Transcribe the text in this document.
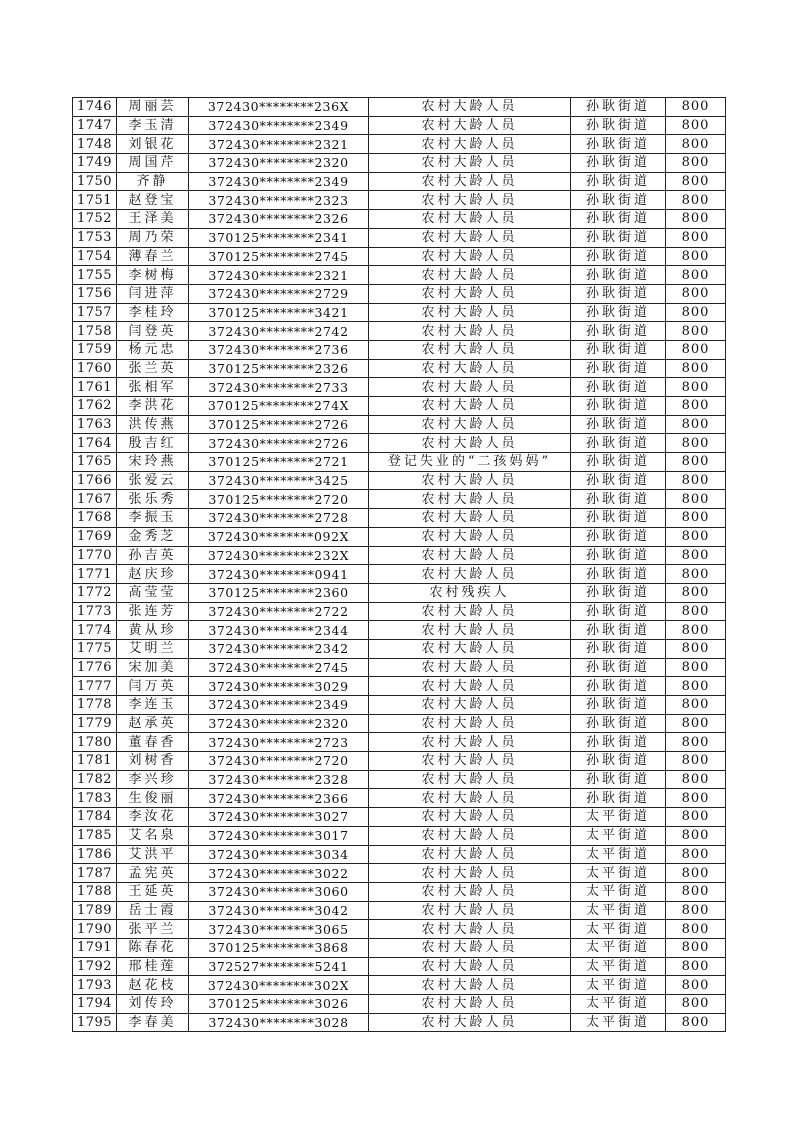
1746	周丽芸	372430********236X	农村大龄人员	孙耿街道	800
1747	李玉清	372430********2349	农村大龄人员	孙耿街道	800
1748	刘银花	372430********2321	农村大龄人员	孙耿街道	800
1749	周国芹	372430********2320	农村大龄人员	孙耿街道	800
1750	齐静	372430********2349	农村大龄人员	孙耿街道	800
1751	赵登宝	372430********2323	农村大龄人员	孙耿街道	800
1752	王泽美	372430********2326	农村大龄人员	孙耿街道	800
1753	周乃荣	370125********2341	农村大龄人员	孙耿街道	800
1754	薄春兰	370125********2745	农村大龄人员	孙耿街道	800
1755	李树梅	372430********2321	农村大龄人员	孙耿街道	800
1756	闫进萍	372430********2729	农村大龄人员	孙耿街道	800
1757	李桂玲	370125********3421	农村大龄人员	孙耿街道	800
1758	闫登英	372430********2742	农村大龄人员	孙耿街道	800
1759	杨元忠	372430********2736	农村大龄人员	孙耿街道	800
1760	张兰英	370125********2326	农村大龄人员	孙耿街道	800
1761	张相军	372430********2733	农村大龄人员	孙耿街道	800
1762	李洪花	370125********274X	农村大龄人员	孙耿街道	800
1763	洪传燕	370125********2726	农村大龄人员	孙耿街道	800
1764	殷吉红	372430********2726	农村大龄人员	孙耿街道	800
1765	宋玲燕	370125********2721	登记失业的“二孩妈妈”	孙耿街道	800
1766	张爱云	372430********3425	农村大龄人员	孙耿街道	800
1767	张乐秀	370125********2720	农村大龄人员	孙耿街道	800
1768	李振玉	372430********2728	农村大龄人员	孙耿街道	800
1769	金秀芝	372430********092X	农村大龄人员	孙耿街道	800
1770	孙吉英	372430********232X	农村大龄人员	孙耿街道	800
1771	赵庆珍	372430********0941	农村大龄人员	孙耿街道	800
1772	高莹莹	370125********2360	农村残疾人	孙耿街道	800
1773	张连芳	372430********2722	农村大龄人员	孙耿街道	800
1774	黄从珍	372430********2344	农村大龄人员	孙耿街道	800
1775	艾明兰	372430********2342	农村大龄人员	孙耿街道	800
1776	宋加美	372430********2745	农村大龄人员	孙耿街道	800
1777	闫万英	372430********3029	农村大龄人员	孙耿街道	800
1778	李连玉	372430********2349	农村大龄人员	孙耿街道	800
1779	赵承英	372430********2320	农村大龄人员	孙耿街道	800
1780	董春香	372430********2723	农村大龄人员	孙耿街道	800
1781	刘树香	372430********2720	农村大龄人员	孙耿街道	800
1782	李兴珍	372430********2328	农村大龄人员	孙耿街道	800
1783	生俊丽	372430********2366	农村大龄人员	孙耿街道	800
1784	李汝花	372430********3027	农村大龄人员	太平街道	800
1785	艾名泉	372430********3017	农村大龄人员	太平街道	800
1786	艾洪平	372430********3034	农村大龄人员	太平街道	800
1787	孟宪英	372430********3022	农村大龄人员	太平街道	800
1788	王延英	372430********3060	农村大龄人员	太平街道	800
1789	岳士霞	372430********3042	农村大龄人员	太平街道	800
1790	张平兰	372430********3065	农村大龄人员	太平街道	800
1791	陈春花	370125********3868	农村大龄人员	太平街道	800
1792	邢桂莲	372527********5241	农村大龄人员	太平街道	800
1793	赵花枝	372430********302X	农村大龄人员	太平街道	800
1794	刘传玲	370125********3026	农村大龄人员	太平街道	800
1795	李春美	372430********3028	农村大龄人员	太平街道	800
